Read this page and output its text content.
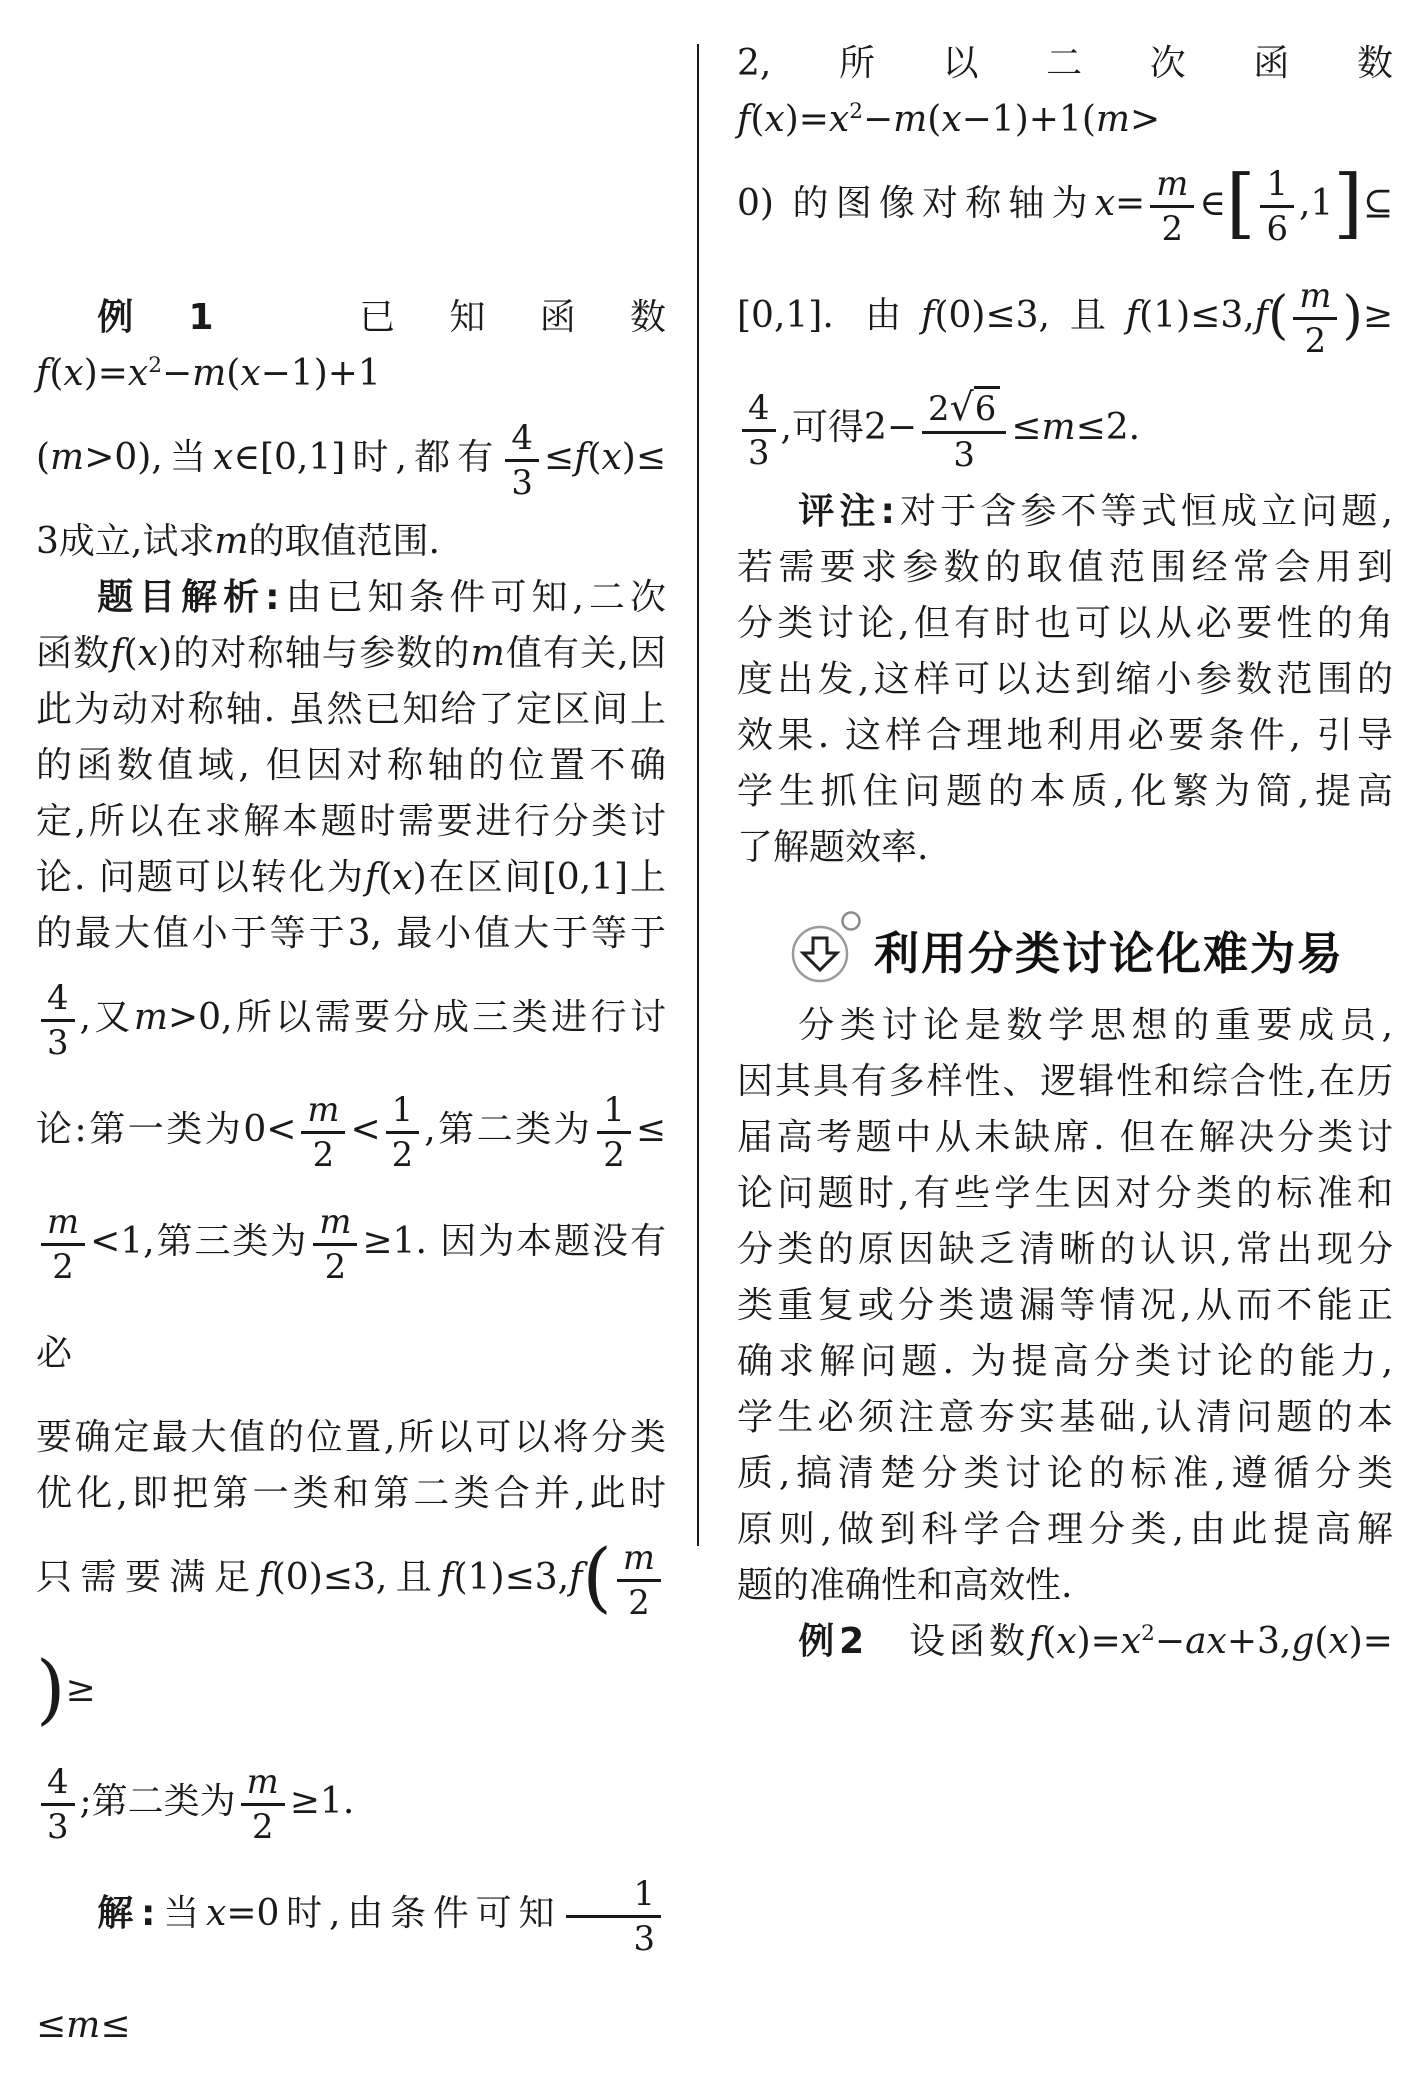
例1　已知函数$f(x)=x^2-m(x-1)+1$
(m>0),当x∈[0,1]时,都有 $\frac{4}{3} \le f(x)\le$
3成立,试求m的取值范围.
题目解析:由已知条件可知,二次
函数f(x)的对称轴与参数的m值有关,因
此为动对称轴. 虽然已知给了定区间上
的函数值域, 但因对称轴的位置不确
定,所以在求解本题时需要进行分类讨
论. 问题可以转化为f(x)在区间[0,1]上
的最大值小于等于3, 最小值大于等于
$\frac{4}{3}$ ,又m>0,所以需要分成三类进行讨
论:第一类为$0< \frac{m}{2} < \frac{1}{2}$ ,第二类为 $\frac{1}{2}$ ≤
$\frac{m}{2} <1$,第三类为 $\frac{m}{2} \ge 1$. 因为本题没有必
要确定最大值的位置,所以可以将分类
优化,即把第一类和第二类合并,此时
只需要满足f(0)≤3,且$f(1)\le 3,f( \frac{m}{2}$
)≥
$\frac{4}{3}$ ;第二类为 $\frac{m}{2} \ge 1$.
解:当x=0时,由条件可知 $\frac{1}{3}$
≤m≤
2,所以二次函数$f(x)=x^2-m(x-1)+1(m>$
0) 的图像对称轴为$x= \frac{m}{2}$ ∈[ $\frac{1}{6}$ ,1]⊆
[0,1]. 由f(0)≤3,且$f(1)\le 3,f( \frac{m}{2}$ )≥
$\frac{4}{3}$ ,可得$2- \frac{2√6}{3} \le m\le 2$.
评注:对于含参不等式恒成立问题,
若需要求参数的取值范围经常会用到
分类讨论,但有时也可以从必要性的角
度出发,这样可以达到缩小参数范围的
效果. 这样合理地利用必要条件, 引导
学生抓住问题的本质,化繁为简,提高
了解题效率.
利用分类讨论化难为易
分类讨论是数学思想的重要成员,
因其具有多样性、逻辑性和综合性,在历
届高考题中从未缺席. 但在解决分类讨
论问题时,有些学生因对分类的标准和
分类的原因缺乏清晰的认识,常出现分
类重复或分类遗漏等情况,从而不能正
确求解问题. 为提高分类讨论的能力,
学生必须注意夯实基础,认清问题的本
质,搞清楚分类讨论的标准,遵循分类
原则,做到科学合理分类,由此提高解
题的准确性和高效性.
例2　设函数$f(x)=x^2-ax+3,g(x)=$
